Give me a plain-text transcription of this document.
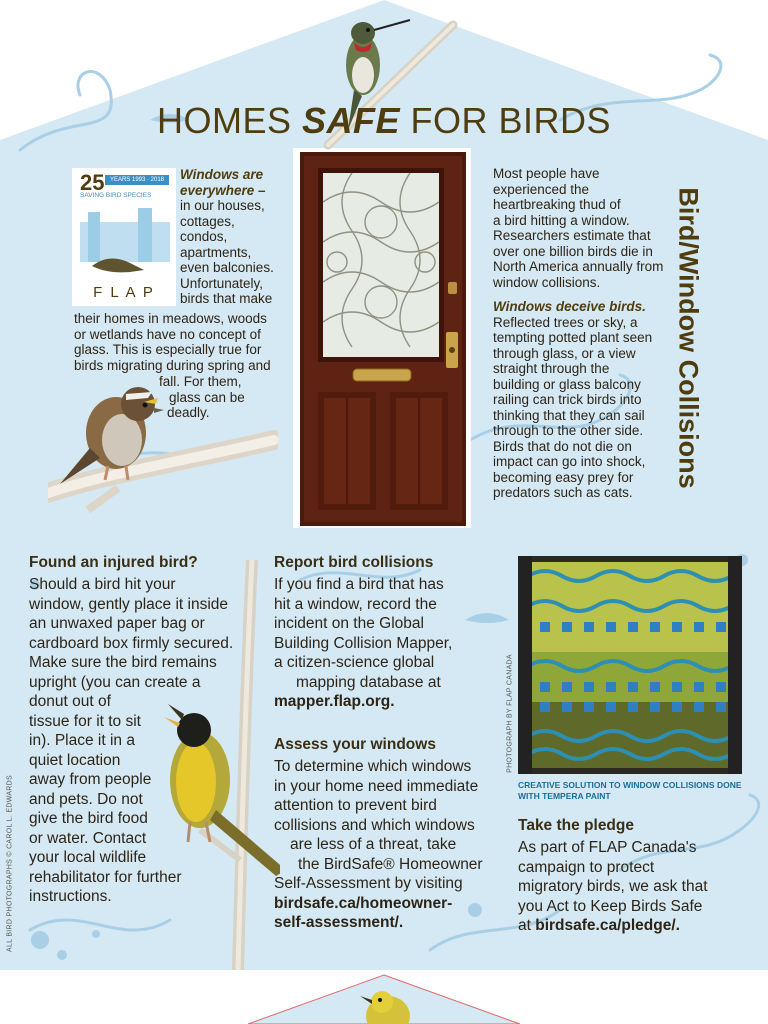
HOMES SAFE FOR BIRDS
25 YEARS 1993 · 2018
SAVING BIRD SPECIES
F L A P
Windows are
everywhere –
in our houses,
cottages,
condos,
apartments,
even balconies.
Unfortunately,
birds that make
their homes in meadows, woods
or wetlands have no concept of
glass. This is especially true for
birds migrating during spring and
fall. For them,
glass can be
deadly.
Most people have
experienced the
heartbreaking thud of
a bird hitting a window.
Researchers estimate that
over one billion birds die in
North America annually from
window collisions.
Windows deceive birds.
Reflected trees or sky, a
tempting potted plant seen
through glass, or a view
straight through the
building or glass balcony
railing can trick birds into
thinking that they can sail
through to the other side.
Birds that do not die on
impact can go into shock,
becoming easy prey for
predators such as cats.
Bird/Window Collisions
Found an injured bird?
Should a bird hit your
window, gently place it inside
an unwaxed paper bag or
cardboard box firmly secured.
Make sure the bird remains
upright (you can create a
donut out of
tissue for it to sit
in). Place it in a
quiet location
away from people
and pets. Do not
give the bird food
or water. Contact
your local wildlife
rehabilitator for further
instructions.
ALL BIRD PHOTOGRAPHS © CAROL L. EDWARDS
Report bird collisions
If you find a bird that has
hit a window, record the
incident on the Global
Building Collision Mapper,
a citizen-science global
mapping database at
mapper.flap.org.
Assess your windows
To determine which windows
in your home need immediate
attention to prevent bird
collisions and which windows
are less of a threat, take
the BirdSafe® Homeowner
Self-Assessment by visiting
birdsafe.ca/homeowner-
self-assessment/.
PHOTOGRAPH BY FLAP CANADA
CREATIVE SOLUTION TO WINDOW COLLISIONS DONE
WITH TEMPERA PAINT
Take the pledge
As part of FLAP Canada's
campaign to protect
migratory birds, we ask that
you Act to Keep Birds Safe
at birdsafe.ca/pledge/.
